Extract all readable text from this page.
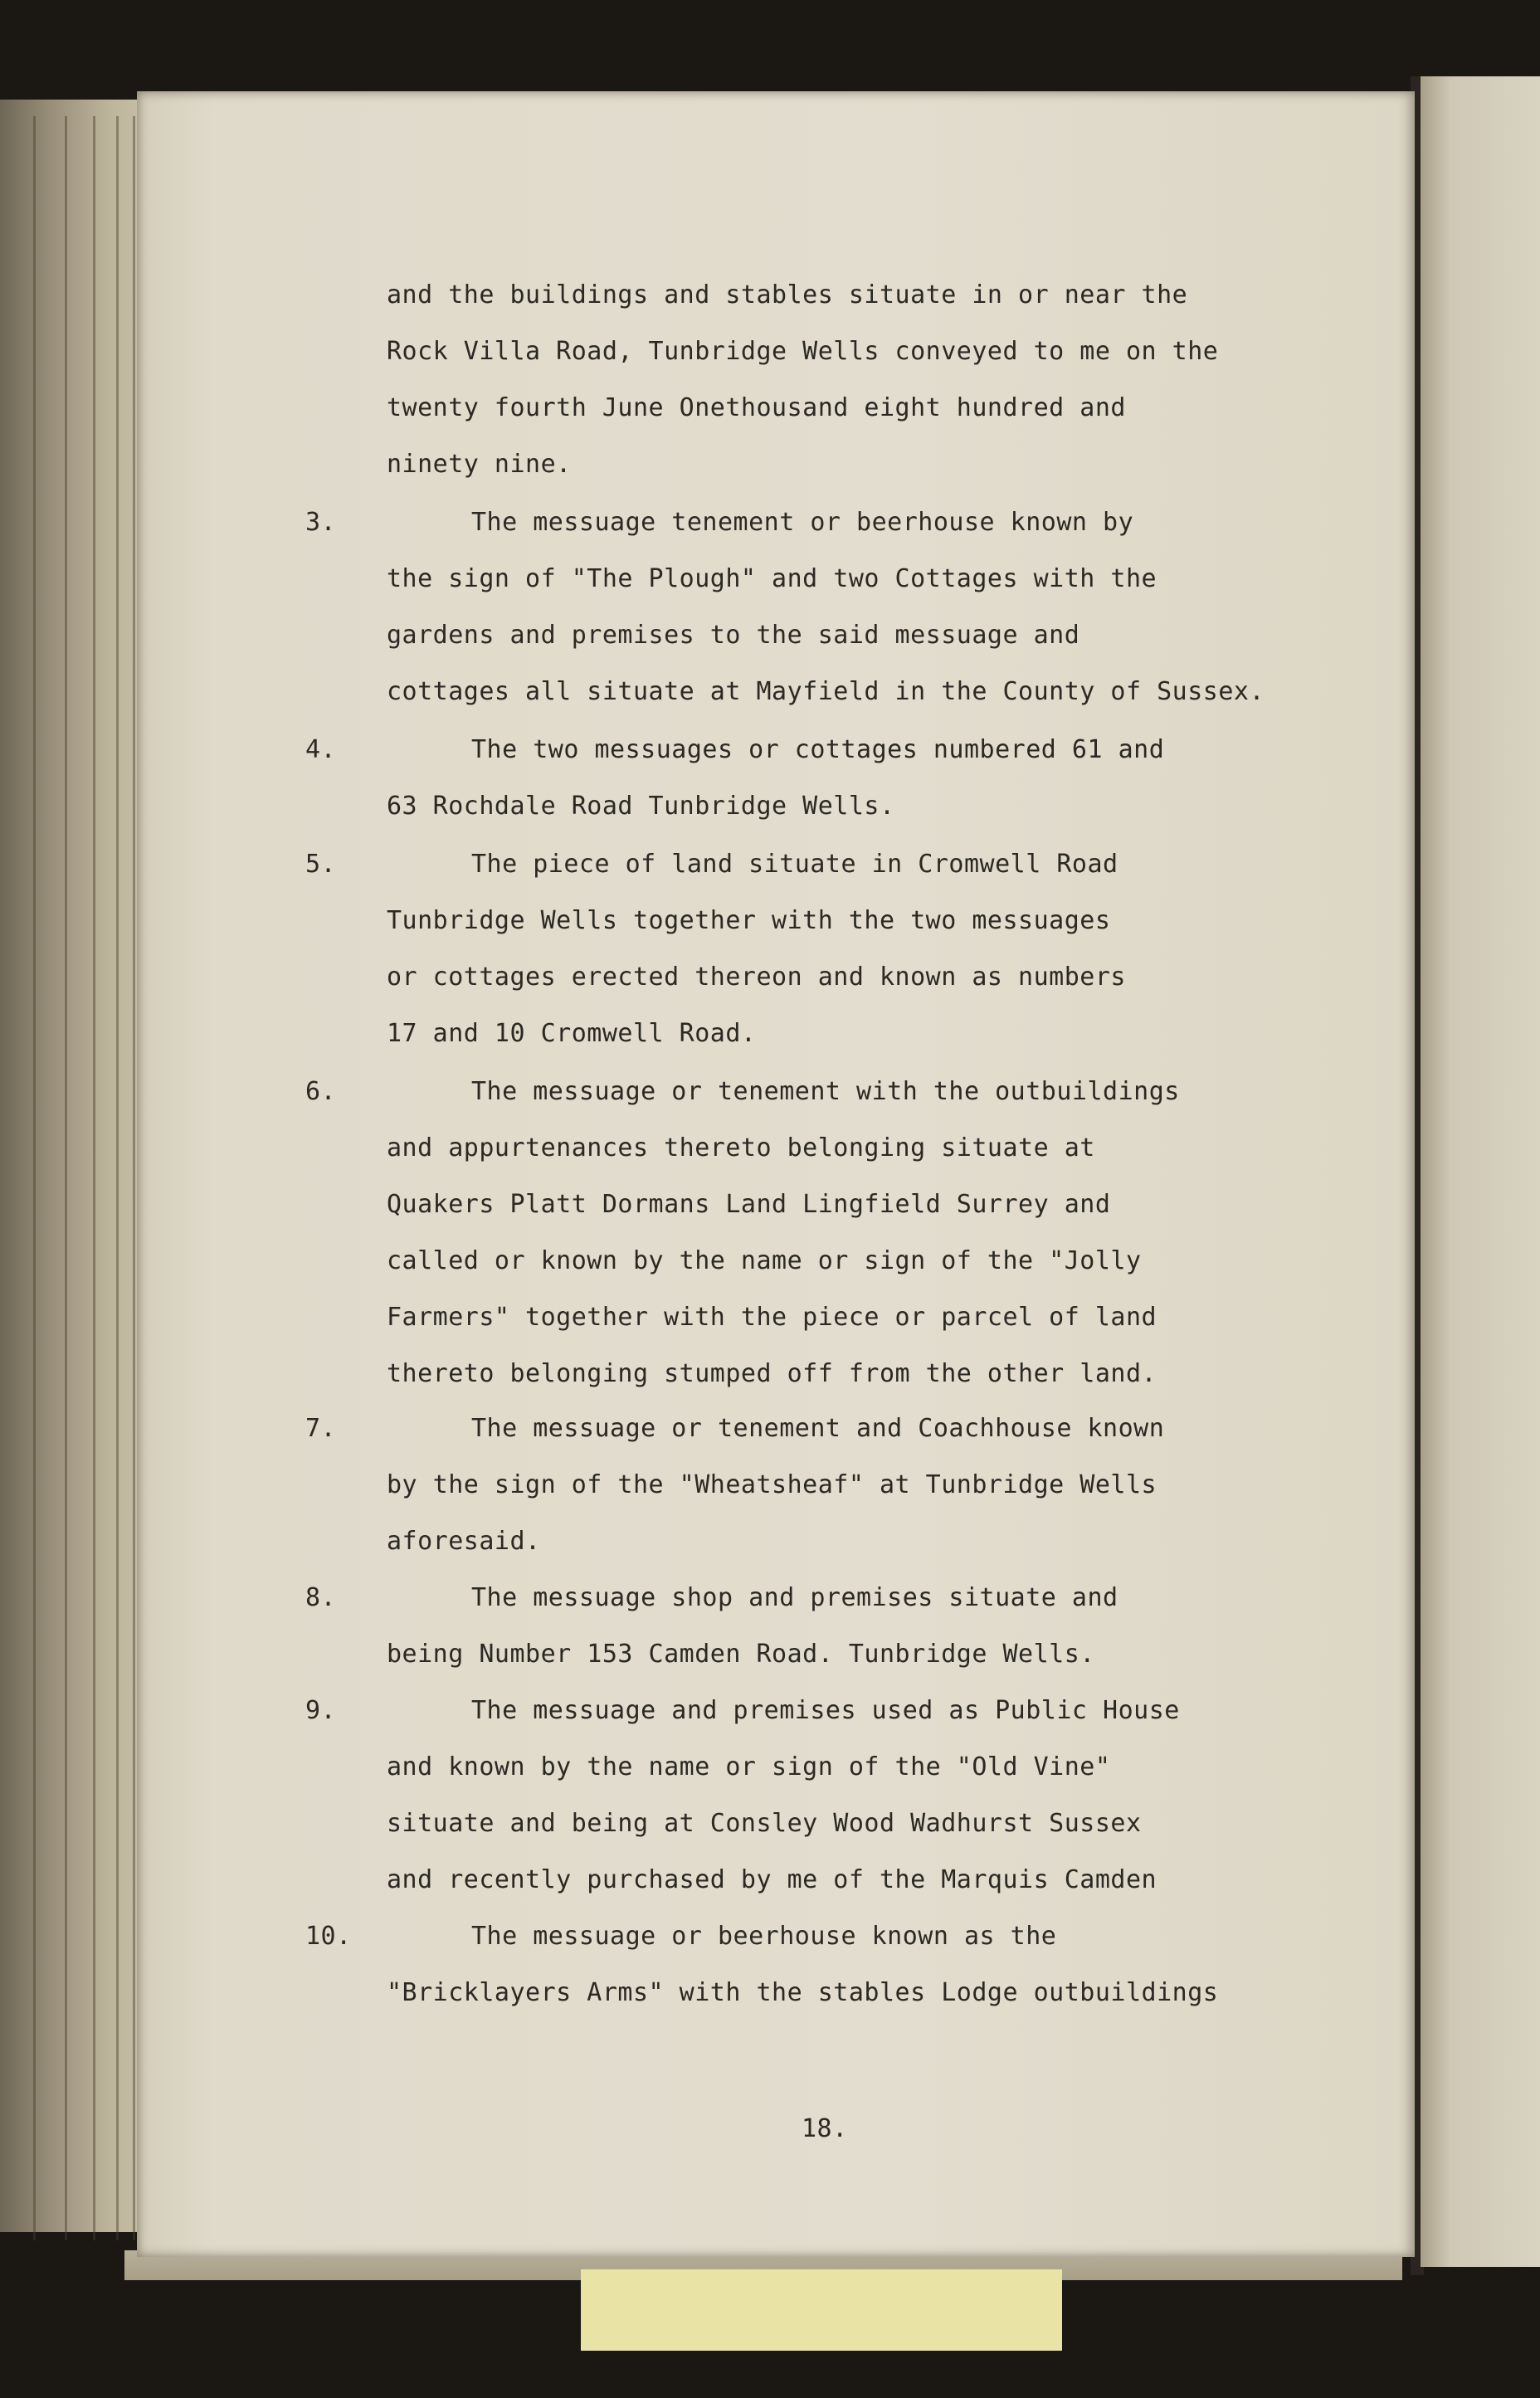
and the buildings and stables situate in or near the

Rock Villa Road, Tunbridge Wells conveyed to me on the

twenty fourth June Onethousand eight hundred and

ninety nine.

3.	The messuage tenement or beerhouse known by

the sign of "The Plough" and two Cottages with the

gardens and premises to the said messuage and

cottages all situate at Mayfield in the County of Sussex.

4.	The two messuages or cottages numbered 61 and

63 Rochdale Road Tunbridge Wells.

5.	The piece of land situate in Cromwell Road

Tunbridge Wells together with the two messuages

or cottages erected thereon and known as numbers

17 and 10 Cromwell Road.

6.	The messuage or tenement with the outbuildings

and appurtenances thereto belonging situate at

Quakers Platt Dormans Land Lingfield Surrey and

called or known by the name or sign of the "Jolly

Farmers" together with the piece or parcel of land

thereto belonging stumped off from the other land.

7.	The messuage or tenement and Coachhouse known

by the sign of the "Wheatsheaf" at Tunbridge Wells

aforesaid.

8.	The messuage shop and premises situate and

being Number 153 Camden Road. Tunbridge Wells.

9.	The messuage and premises used as Public House

and known by the name or sign of the "Old Vine"

situate and being at Consley Wood Wadhurst Sussex

and recently purchased by me of the Marquis Camden

10.	The messuage or beerhouse known as the

"Bricklayers Arms" with the stables Lodge outbuildings

18.
